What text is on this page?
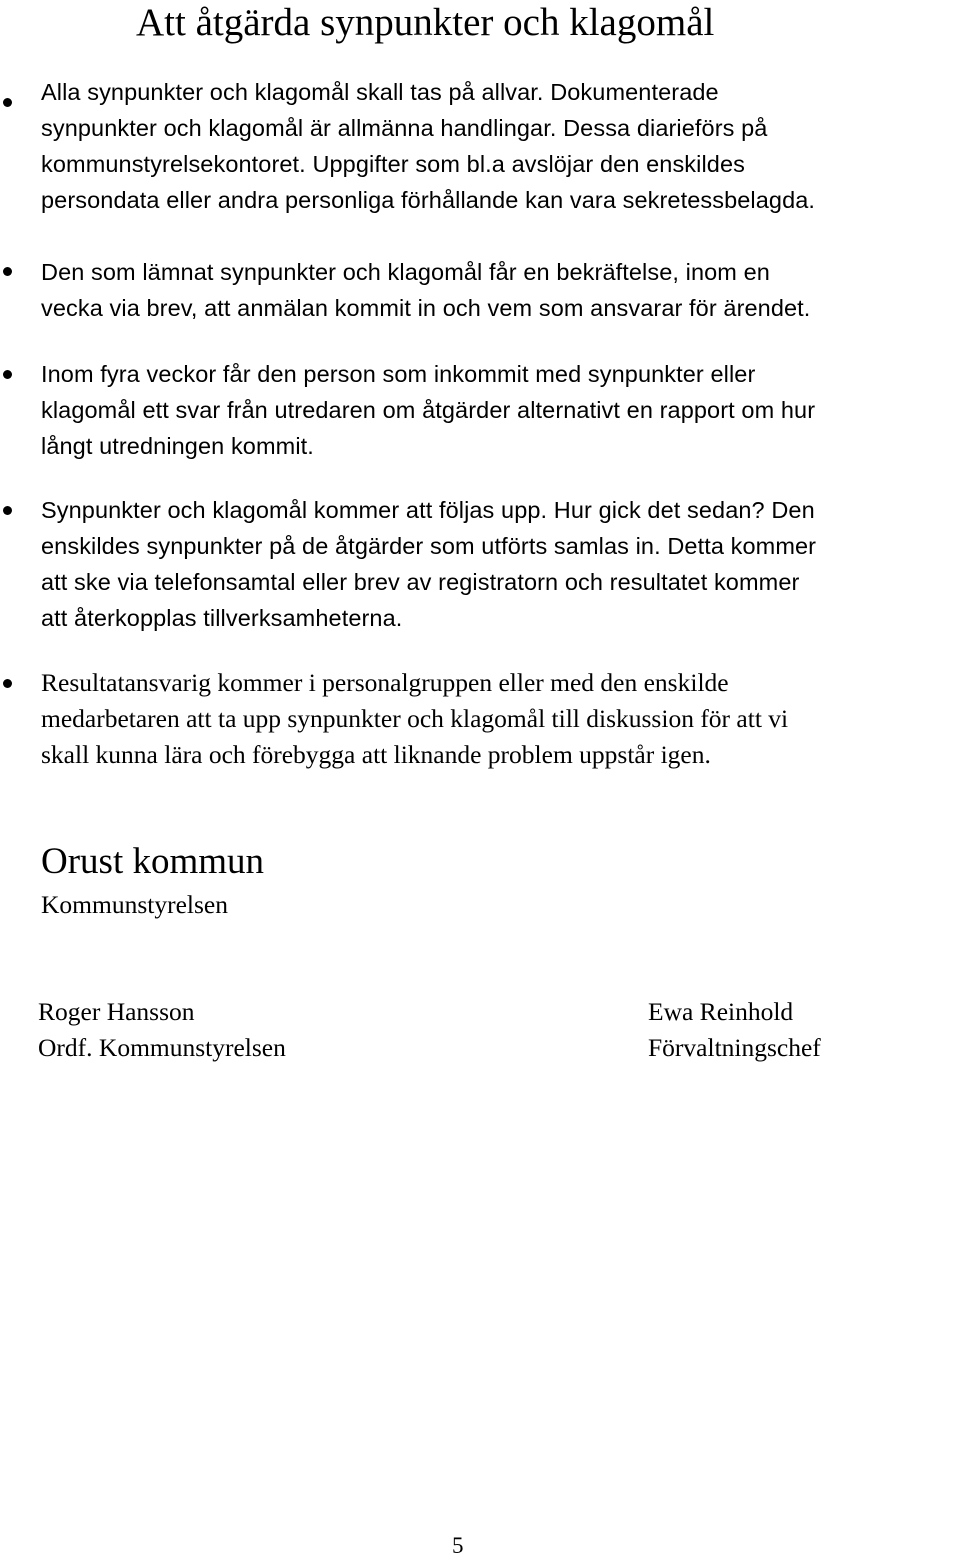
Att åtgärda synpunkter och klagomål

Alla synpunkter och klagomål skall tas på allvar. Dokumenterade
synpunkter och klagomål är allmänna handlingar. Dessa diarieförs på
kommunstyrelsekontoret. Uppgifter som bl.a avslöjar den enskildes
persondata eller andra personliga förhållande kan vara sekretessbelagda.

Den som lämnat synpunkter och klagomål får en bekräftelse, inom en
vecka via brev, att anmälan kommit in och vem som ansvarar för ärendet.

Inom fyra veckor får den person som inkommit med synpunkter eller
klagomål ett svar från utredaren om åtgärder alternativt en rapport om hur
långt utredningen kommit.

Synpunkter och klagomål kommer att följas upp. Hur gick det sedan? Den
enskildes synpunkter på de åtgärder som utförts samlas in. Detta kommer
att ske via telefonsamtal eller brev av registratorn och resultatet kommer
att återkopplas tillverksamheterna.

Resultatansvarig kommer i personalgruppen eller med den enskilde
medarbetaren att ta upp synpunkter och klagomål till diskussion för att vi
skall kunna lära och förebygga att liknande problem uppstår igen.

Orust kommun
Kommunstyrelsen
Roger Hansson
Ordf. Kommunstyrelsen
Ewa Reinhold
Förvaltningschef
5
